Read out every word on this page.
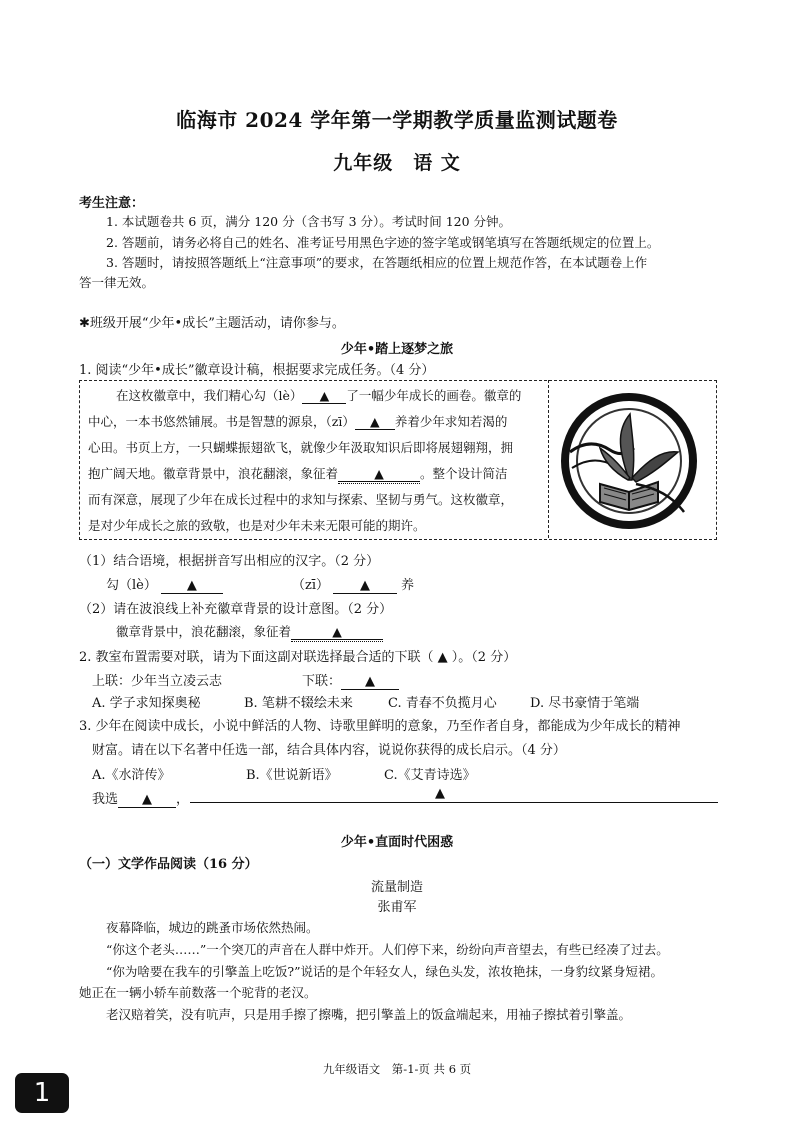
临海市 2024 学年第一学期教学质量监测试题卷
九年级　语 文
考生注意：
1. 本试题卷共 6 页，满分 120 分（含书写 3 分）。考试时间 120 分钟。
2. 答题前，请务必将自己的姓名、准考证号用黑色字迹的签字笔或钢笔填写在答题纸规定的位置上。
3. 答题时，请按照答题纸上“注意事项”的要求，在答题纸相应的位置上规范作答，在本试题卷上作
答一律无效。
✱班级开展“少年•成长”主题活动，请你参与。
少年•踏上逐梦之旅
1. 阅读“少年•成长”徽章设计稿，根据要求完成任务。（4 分）
在这枚徽章中，我们精心勾（lè） ▲ 了一幅少年成长的画卷。徽章的
中心，一本书悠然铺展。书是智慧的源泉，（zī） ▲ 养着少年求知若渴的
心田。书页上方，一只蝴蝶振翅欲飞，就像少年汲取知识后即将展翅翱翔，拥
抱广阔天地。徽章背景中，浪花翻滚，象征着	▲	。整个设计简洁
而有深意，展现了少年在成长过程中的求知与探索、坚韧与勇气。这枚徽章，
是对少年成长之旅的致敬，也是对少年未来无限可能的期许。
（1）结合语境，根据拼音写出相应的汉字。（2 分）
勾（lè） ▲	（zī） ▲ 养
（2）请在波浪线上补充徽章背景的设计意图。（2 分）
徽章背景中，浪花翻滚，象征着	▲
2. 教室布置需要对联，请为下面这副对联选择最合适的下联（ ▲ ）。（2 分）
上联：少年当立凌云志	下联： ▲
A. 学子求知探奥秘	B. 笔耕不辍绘未来	C. 青春不负揽月心	D. 尽书豪情于笔端
3. 少年在阅读中成长，小说中鲜活的人物、诗歌里鲜明的意象，乃至作者自身，都能成为少年成长的精神
财富。请在以下名著中任选一部，结合具体内容，说说你获得的成长启示。（4 分）
A.《水浒传》	B.《世说新语》	C.《艾青诗选》
我选 ▲ ，	▲
少年•直面时代困惑
（一）文学作品阅读（16 分）
流量制造
张甫军
夜幕降临，城边的跳蚤市场依然热闹。
“你这个老头……”一个突兀的声音在人群中炸开。人们停下来，纷纷向声音望去，有些已经凑了过去。
“你为啥要在我车的引擎盖上吃饭?”说话的是个年轻女人，绿色头发，浓妆艳抹，一身豹纹紧身短裙。
她正在一辆小轿车前数落一个驼背的老汉。
老汉赔着笑，没有吭声，只是用手擦了擦嘴，把引擎盖上的饭盒端起来，用袖子擦拭着引擎盖。
九年级语文　第-1-页 共 6 页
1
